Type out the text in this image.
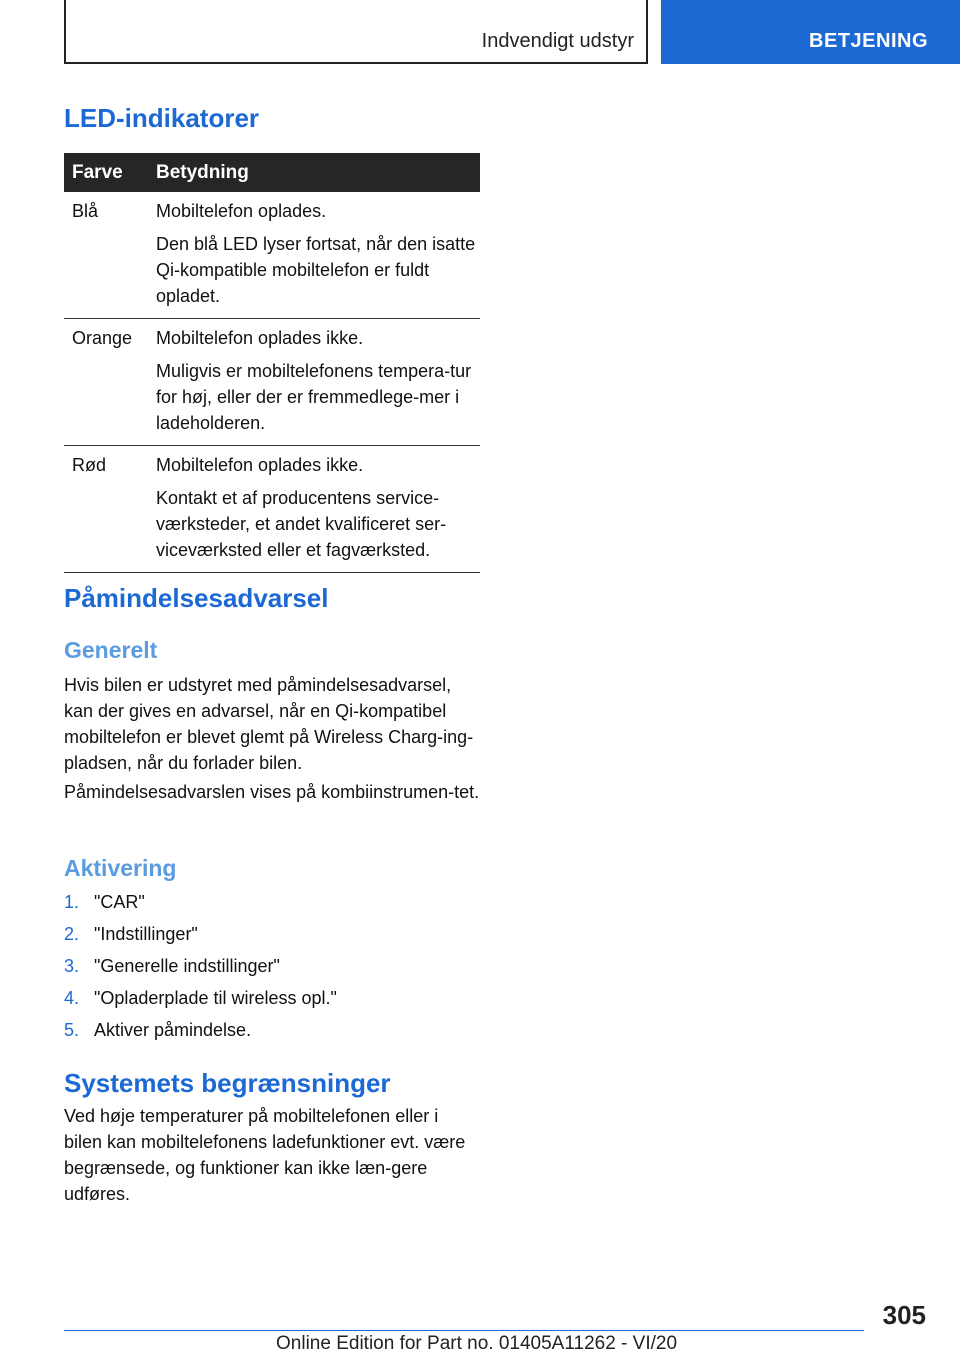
Indvendigt udstyr	BETJENING
LED-indikatorer
Farve	Betydning
Blå	Mobiltelefon oplades.

Den blå LED lyser fortsat, når den isatte Qi-kompatible mobiltelefon er fuldt opladet.

Orange	Mobiltelefon oplades ikke.

Muligvis er mobiltelefonens tempera-tur for høj, eller der er fremmedlege-mer i ladeholderen.

Rød	Mobiltelefon oplades ikke.

Kontakt et af producentens service-værksteder, et andet kvalificeret ser-viceværksted eller et fagværksted.

Påmindelsesadvarsel
Generelt

Hvis bilen er udstyret med påmindelsesadvarsel, kan der gives en advarsel, når en Qi-kompatibel mobiltelefon er blevet glemt på Wireless Charg-ing-pladsen, når du forlader bilen.

Påmindelsesadvarslen vises på kombiinstrumen-tet.

Aktivering
1. "CAR"
2. "Indstillinger"
3. "Generelle indstillinger"
4. "Opladerplade til wireless opl."
5. Aktiver påmindelse.
Systemets begrænsninger

Ved høje temperaturer på mobiltelefonen eller i bilen kan mobiltelefonens ladefunktioner evt. være begrænsede, og funktioner kan ikke læn-gere udføres.

305
Online Edition for Part no. 01405A11262 - VI/20
